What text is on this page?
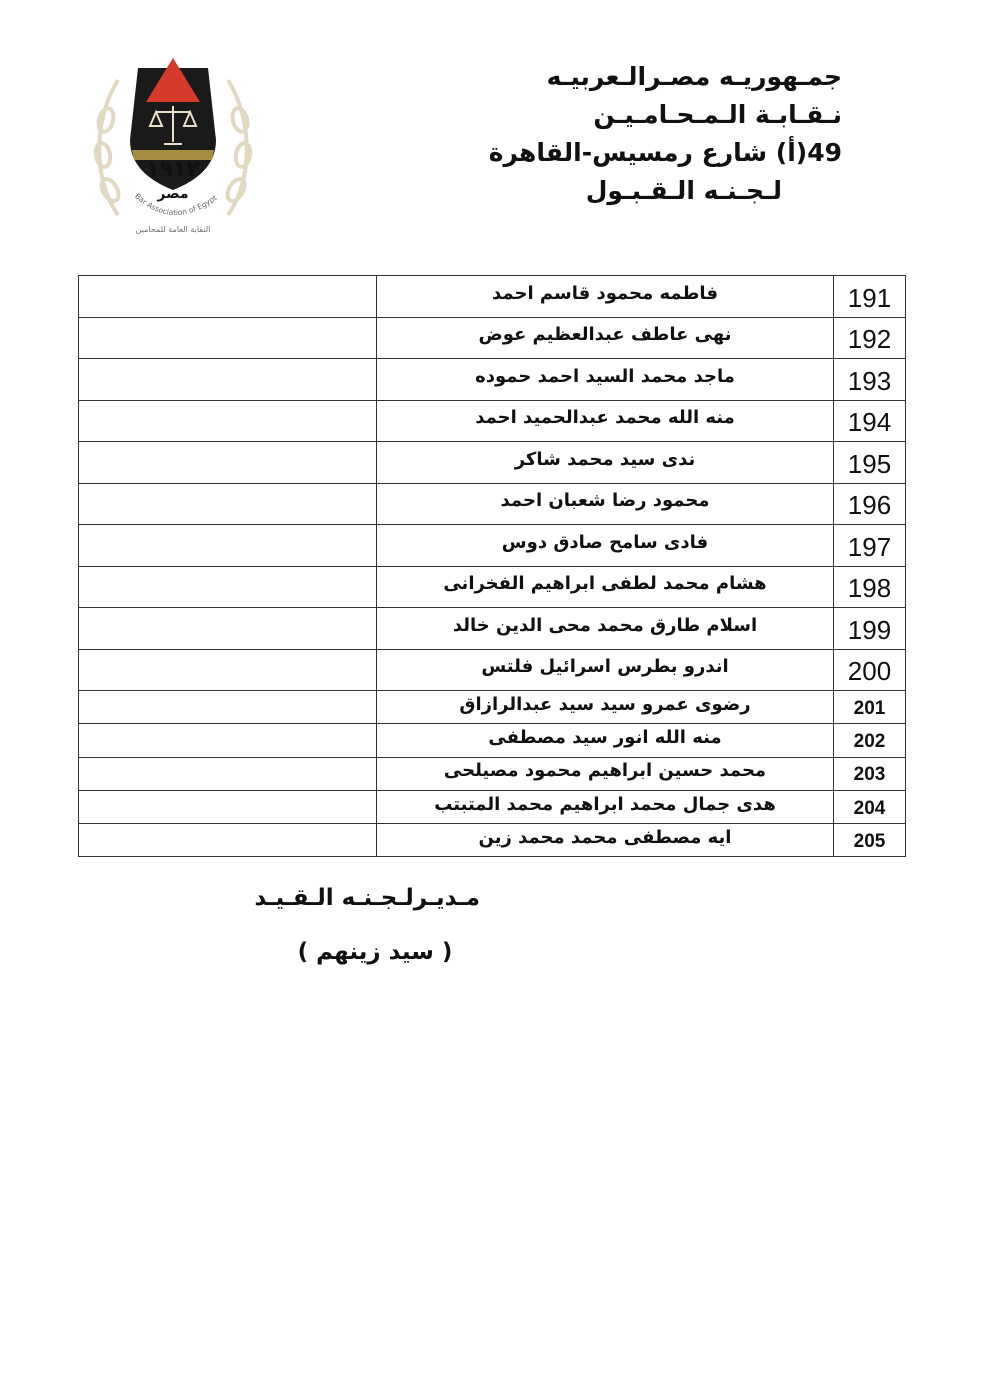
١٩١٢
مصر
Bar Association of Egypt
النقابة العامة للمحامين
جمـهوريـه مصـرالـعربيـه
نـقـابـة الـمـحـامـيـن
49(أ) شارع رمسيس-القاهرة
لـجـنـه الـقـبـول
	فاطمه محمود قاسم احمد	191
	نهى عاطف عبدالعظيم عوض	192
	ماجد محمد السيد احمد حموده	193
	منه الله محمد عبدالحميد احمد	194
	ندى سيد محمد شاكر	195
	محمود رضا شعبان احمد	196
	فادى سامح صادق دوس	197
	هشام محمد لطفى ابراهيم الفخرانى	198
	اسلام طارق محمد محى الدين خالد	199
	اندرو بطرس اسرائيل فلتس	200
	رضوى عمرو سيد سيد عبدالرازاق	201
	منه الله انور سيد مصطفى	202
	محمد حسين ابراهيم محمود مصيلحى	203
	هدى جمال محمد ابراهيم محمد المتبتب	204
	ايه مصطفى محمد محمد زين	205
مـديـرلـجـنـه الـقـيـد
( سيد زينهم )
